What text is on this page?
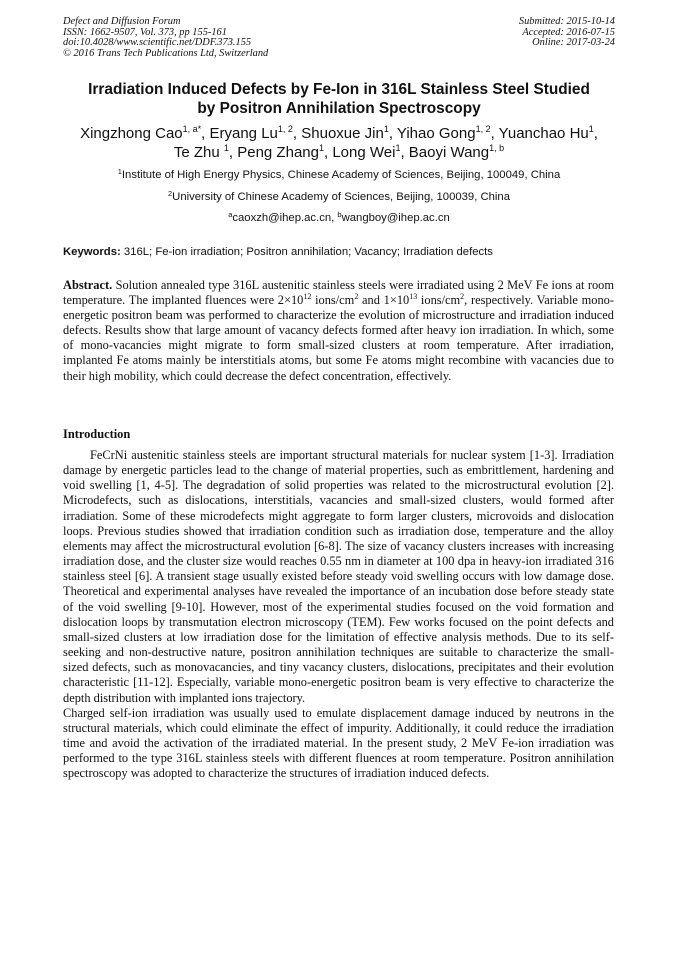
Defect and Diffusion Forum
ISSN: 1662-9507, Vol. 373, pp 155-161
doi:10.4028/www.scientific.net/DDF.373.155
© 2016 Trans Tech Publications Ltd, Switzerland
Submitted: 2015-10-14
Accepted: 2016-07-15
Online: 2017-03-24
Irradiation Induced Defects by Fe-Ion in 316L Stainless Steel Studied
by Positron Annihilation Spectroscopy
Xingzhong Cao$^{1, a*}$, Eryang Lu$^{1, 2}$, Shuoxue Jin$^1$, Yihao Gong$^{1, 2}$, Yuanchao Hu$^1$,
Te Zhu $^1$, Peng Zhang$^1$, Long Wei$^1$, Baoyi Wang$^{1, b}$
$^1$Institute of High Energy Physics, Chinese Academy of Sciences, Beijing, 100049, China
$^2$University of Chinese Academy of Sciences, Beijing, 100039, China
$^a$caoxzh@ihep.ac.cn, $^b$wangboy@ihep.ac.cn
Keywords: 316L; Fe-ion irradiation; Positron annihilation; Vacancy; Irradiation defects
Abstract. Solution annealed type 316L austenitic stainless steels were irradiated using 2 MeV Fe ions at room temperature. The implanted fluences were $2\times 10^{12}$ ions/$cm^2$ and $1\times 10^{13}$ ions/$cm^2$, respectively. Variable mono-energetic positron beam was performed to characterize the evolution of microstructure and irradiation induced defects. Results show that large amount of vacancy defects formed after heavy ion irradiation. In which, some of mono-vacancies might migrate to form small-sized clusters at room temperature. After irradiation, implanted Fe atoms mainly be interstitials atoms, but some Fe atoms might recombine with vacancies due to their high mobility, which could decrease the defect concentration, effectively.
Introduction

FeCrNi austenitic stainless steels are important structural materials for nuclear system [1-3]. Irradiation damage by energetic particles lead to the change of material properties, such as embrittlement, hardening and void swelling [1, 4-5]. The degradation of solid properties was related to the microstructural evolution [2]. Microdefects, such as dislocations, interstitials, vacancies and small-sized clusters, would formed after irradiation. Some of these microdefects might aggregate to form larger clusters, microvoids and dislocation loops. Previous studies showed that irradiation condition such as irradiation dose, temperature and the alloy elements may affect the microstructural evolution [6-8]. The size of vacancy clusters increases with increasing irradiation dose, and the cluster size would reaches 0.55 nm in diameter at 100 dpa in heavy-ion irradiated 316 stainless steel [6]. A transient stage usually existed before steady void swelling occurs with low damage dose. Theoretical and experimental analyses have revealed the importance of an incubation dose before steady state of the void swelling [9-10]. However, most of the experimental studies focused on the void formation and dislocation loops by transmutation electron microscopy (TEM). Few works focused on the point defects and small-sized clusters at low irradiation dose for the limitation of effective analysis methods. Due to its self-seeking and non-destructive nature, positron annihilation techniques are suitable to characterize the small-sized defects, such as monovacancies, and tiny vacancy clusters, dislocations, precipitates and their evolution characteristic [11-12]. Especially, variable mono-energetic positron beam is very effective to characterize the depth distribution with implanted ions trajectory.

Charged self-ion irradiation was usually used to emulate displacement damage induced by neutrons in the structural materials, which could eliminate the effect of impurity. Additionally, it could reduce the irradiation time and avoid the activation of the irradiated material. In the present study, 2 MeV Fe-ion irradiation was performed to the type 316L stainless steels with different fluences at room temperature. Positron annihilation spectroscopy was adopted to characterize the structures of irradiation induced defects.
